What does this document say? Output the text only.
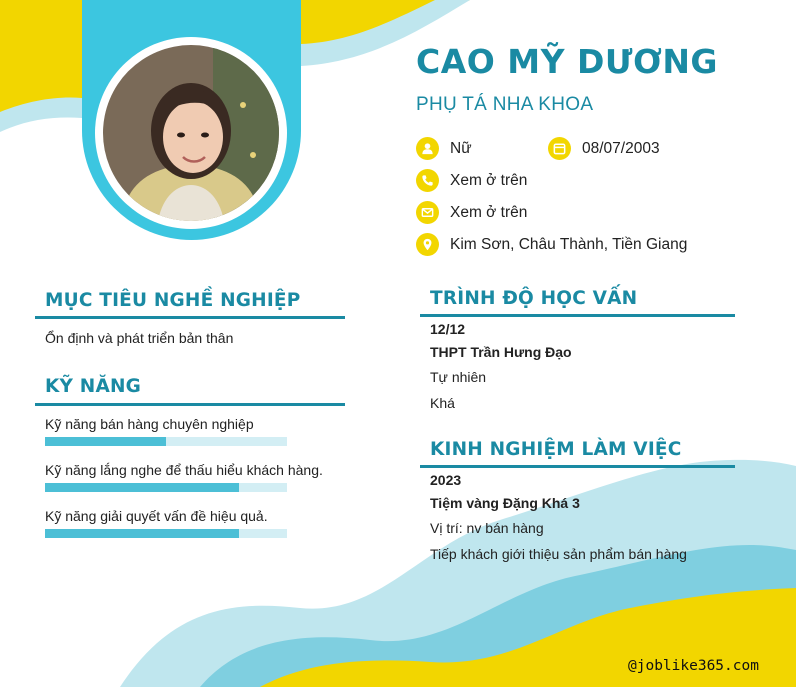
CAO MỸ DƯƠNG
PHỤ TÁ NHA KHOA
Nữ	08/07/2003
Xem ở trên
Xem ở trên
Kim Sơn, Châu Thành, Tiền Giang
MỤC TIÊU NGHỀ NGHIỆP
Ổn định và phát triển bản thân
KỸ NĂNG
Kỹ năng bán hàng chuyên nghiệp
Kỹ năng lắng nghe để thấu hiểu khách hàng.
Kỹ năng giải quyết vấn đề hiệu quả.
TRÌNH ĐỘ HỌC VẤN
12/12
THPT Trần Hưng Đạo
Tự nhiên
Khá
KINH NGHIỆM LÀM VIỆC
2023
Tiệm vàng Đặng Khá 3
Vị trí: nv bán hàng
Tiếp khách giới thiệu sản phẩm bán hàng
@joblike365.com
